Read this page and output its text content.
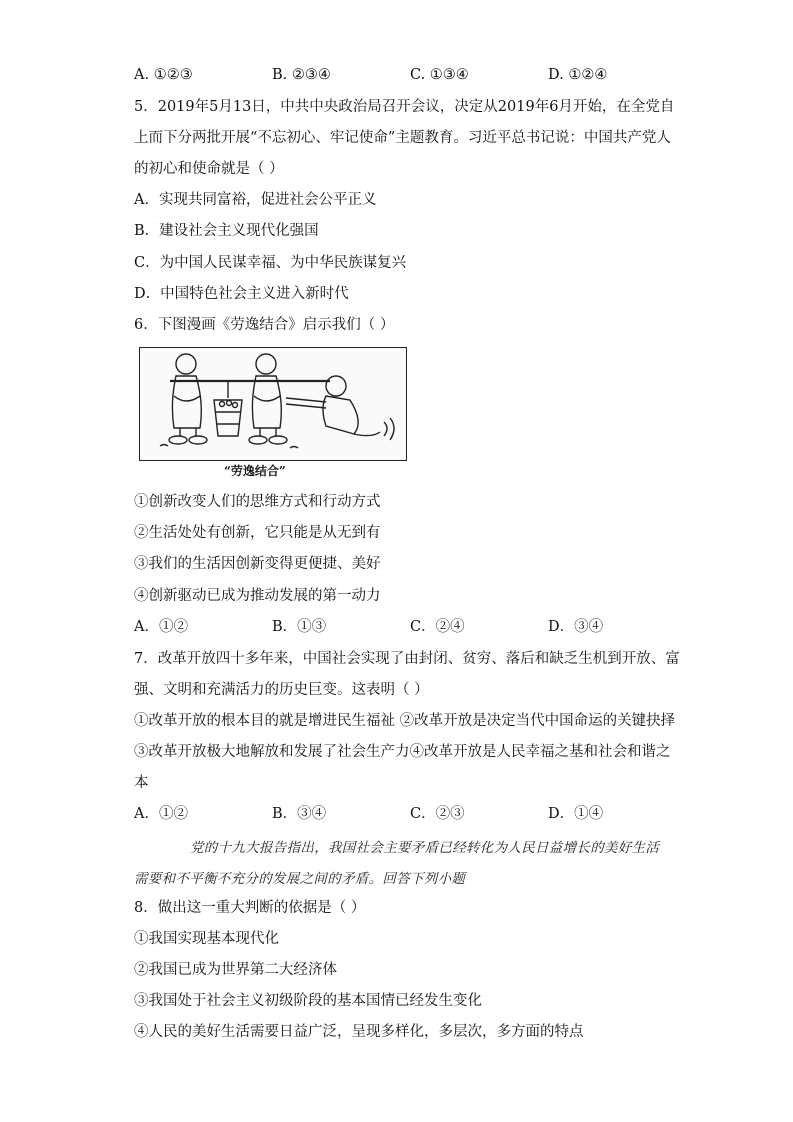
A. ①②③	B. ②③④	C. ①③④	D. ①②④
5．2019年5月13日，中共中央政治局召开会议，决定从2019年6月开始，在全党自
上而下分两批开展“不忘初心、牢记使命”主题教育。习近平总书记说：中国共产党人
的初心和使命就是（ ）
A．实现共同富裕，促进社会公平正义
B．建设社会主义现代化强国
C．为中国人民谋幸福、为中华民族谋复兴
D．中国特色社会主义进入新时代
6．下图漫画《劳逸结合》启示我们（ ）
“劳逸结合”
①创新改变人们的思维方式和行动方式
②生活处处有创新，它只能是从无到有
③我们的生活因创新变得更便捷、美好
④创新驱动已成为推动发展的第一动力
A．①②	B．①③	C．②④	D．③④
7．改革开放四十多年来，中国社会实现了由封闭、贫穷、落后和缺乏生机到开放、富
强、文明和充满活力的历史巨变。这表明（ ）
①改革开放的根本目的就是增进民生福祉 ②改革开放是决定当代中国命运的关键抉择
③改革开放极大地解放和发展了社会生产力④改革开放是人民幸福之基和社会和谐之
本
A．①②	B．③④	C．②③	D．①④
党的十九大报告指出，我国社会主要矛盾已经转化为人民日益增长的美好生活
需要和不平衡不充分的发展之间的矛盾。回答下列小题
8．做出这一重大判断的依据是（ ）
①我国实现基本现代化
②我国已成为世界第二大经济体
③我国处于社会主义初级阶段的基本国情已经发生变化
④人民的美好生活需要日益广泛，呈现多样化，多层次，多方面的特点
